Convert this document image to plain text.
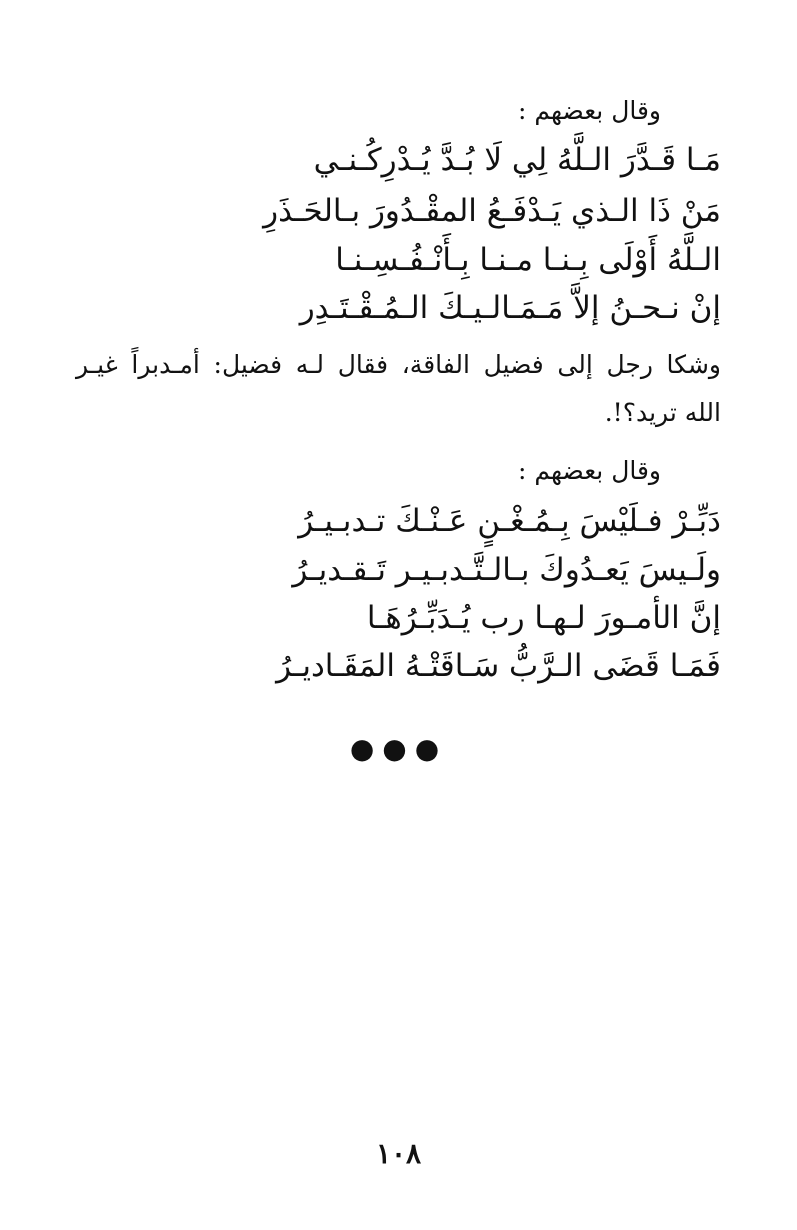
وقال بعضهم :

مَـا قَـدَّرَ الـلَّهُ لِي لَا بُـدَّ يُـدْرِكُـنـي

مَنْ ذَا الـذي يَـدْفَـعُ المقْـدُورَ بـالحَـذَرِ

الـلَّهُ أَوْلَى بِـنـا مـنـا بِـأَنْـفُـسِـنـا

إنْ نـحـنُ إلاَّ مَـمَـالـيـكَ الـمُـقْـتَـدِر

وشكا رجل إلى فضيل الفاقة، فقال لـه فضيل: أمـدبراً غيـر

الله تريد؟!.

وقال بعضهم :

دَبِّـرْ فـلَيْسَ بِـمُـغْـنٍ عَـنْـكَ تـدبـيـرُ

ولَـيسَ يَعـدُوكَ بـالـتَّـدبـيـر تَـقـديـرُ

إنَّ الأمـورَ لـهـا رب يُـدَبِّـرُهَـا

فَمَـا قَضَى الـرَّبُّ سَـاقَتْـهُ المَقَـاديـرُ

●●●
١٠٨
